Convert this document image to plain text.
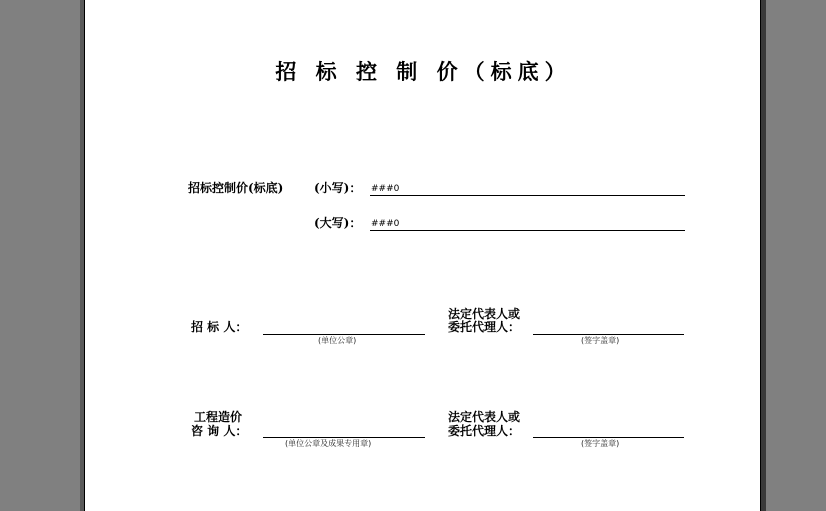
招 标 控 制 价（标底）
招标控制价(标底)	(小写)： ###0
(大写)： ###0
招 标 人：
(单位公章)
法定代表人或
委托代理人：
(签字盖章)
工程造价
咨 询 人：
(单位公章及成果专用章)
法定代表人或
委托代理人：
(签字盖章)
